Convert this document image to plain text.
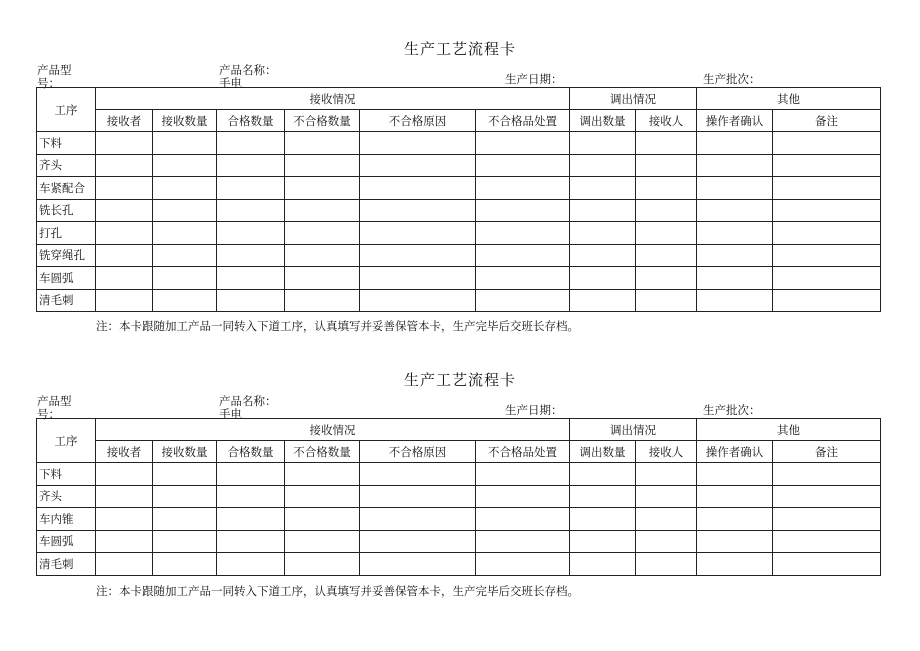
生产工艺流程卡
产品型号：
产品名称：手电	生产日期：	生产批次：
工序	接收情况						调出情况		其他	
	接收者	接收数量	合格数量	不合格数量	不合格原因	不合格品处置	调出数量	接收人	操作者确认	备注
下料										
齐头										
车紧配合										
铣长孔										
打孔										
铣穿绳孔										
车圆弧										
清毛刺										
注：本卡跟随加工产品一同转入下道工序，认真填写并妥善保管本卡，生产完毕后交班长存档。
生产工艺流程卡
产品型号：
产品名称：手电	生产日期：	生产批次：
工序	接收情况						调出情况		其他	
	接收者	接收数量	合格数量	不合格数量	不合格原因	不合格品处置	调出数量	接收人	操作者确认	备注
下料										
齐头										
车内锥										
车圆弧										
清毛刺										
注：本卡跟随加工产品一同转入下道工序，认真填写并妥善保管本卡，生产完毕后交班长存档。
